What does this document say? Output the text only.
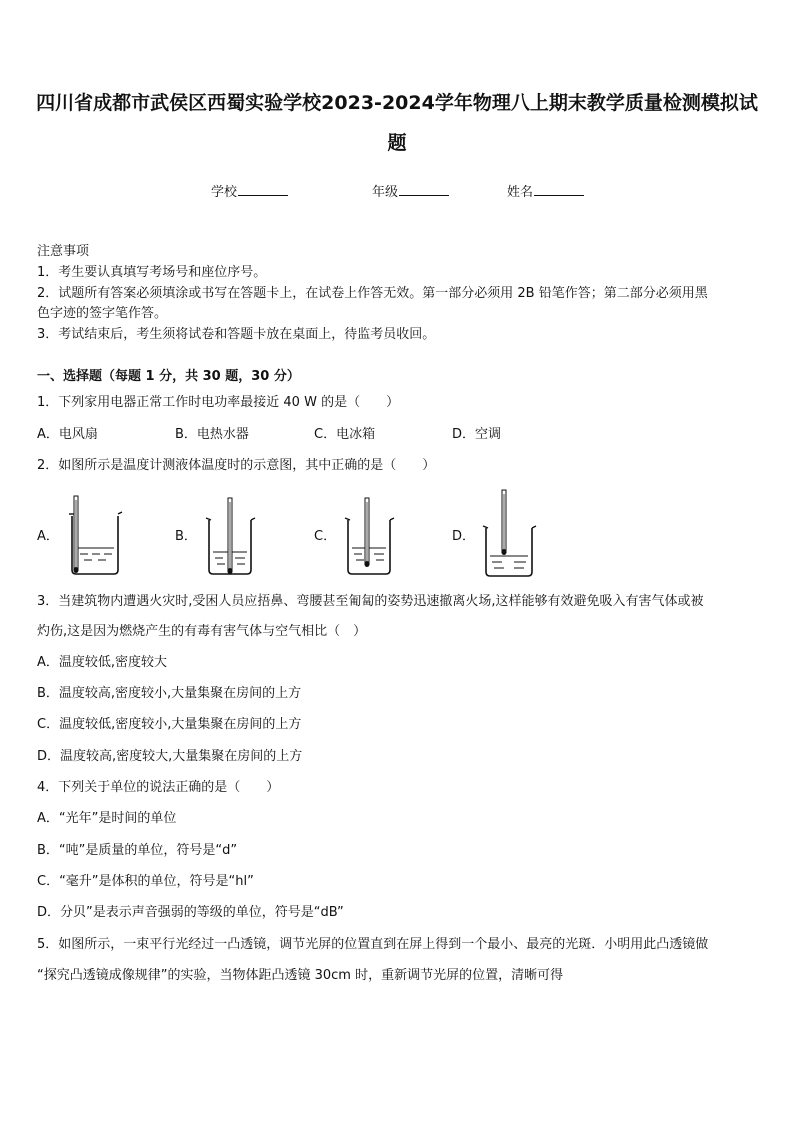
四川省成都市武侯区西蜀实验学校2023-2024学年物理八上期末教学质量检测模拟试
题
学校	年级	姓名
注意事项
1．考生要认真填写考场号和座位序号。
2．试题所有答案必须填涂或书写在答题卡上，在试卷上作答无效。第一部分必须用 2B 铅笔作答；第二部分必须用黑
色字迹的签字笔作答。
3．考试结束后，考生须将试卷和答题卡放在桌面上，待监考员收回。
一、选择题（每题 1 分，共 30 题，30 分）
1．下列家用电器正常工作时电功率最接近 40 W 的是（　　）
A．电风扇	B．电热水器	C．电冰箱	D．空调
2．如图所示是温度计测液体温度时的示意图，其中正确的是（　　）
A．	B．	C．	D．
3．当建筑物内遭遇火灾时,受困人员应捂鼻、弯腰甚至匍匐的姿势迅速撤离火场,这样能够有效避免吸入有害气体或被
灼伤,这是因为燃烧产生的有毒有害气体与空气相比（　）
A．温度较低,密度较大
B．温度较高,密度较小,大量集聚在房间的上方
C．温度较低,密度较小,大量集聚在房间的上方
D．温度较高,密度较大,大量集聚在房间的上方
4．下列关于单位的说法正确的是（　　）
A．“光年”是时间的单位
B．“吨”是质量的单位，符号是“d”
C．“毫升”是体积的单位，符号是“hl”
D．分贝”是表示声音强弱的等级的单位，符号是“dB”
5．如图所示，一束平行光经过一凸透镜，调节光屏的位置直到在屏上得到一个最小、最亮的光斑．小明用此凸透镜做
“探究凸透镜成像规律”的实验，当物体距凸透镜 30cm 时，重新调节光屏的位置，清晰可得
